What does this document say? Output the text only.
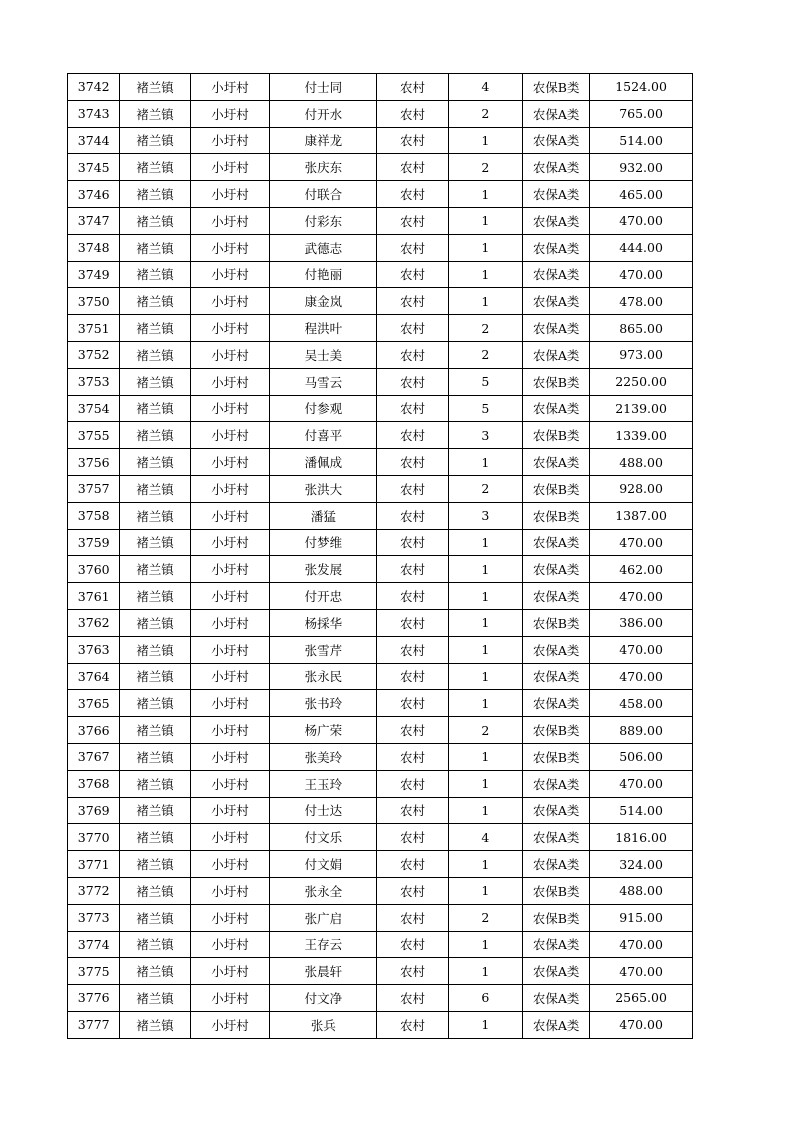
3742	褚兰镇	小圩村	付士同	农村	4	农保B类	1524.00
3743	褚兰镇	小圩村	付开水	农村	2	农保A类	765.00
3744	褚兰镇	小圩村	康祥龙	农村	1	农保A类	514.00
3745	褚兰镇	小圩村	张庆东	农村	2	农保A类	932.00
3746	褚兰镇	小圩村	付联合	农村	1	农保A类	465.00
3747	褚兰镇	小圩村	付彩东	农村	1	农保A类	470.00
3748	褚兰镇	小圩村	武德志	农村	1	农保A类	444.00
3749	褚兰镇	小圩村	付艳丽	农村	1	农保A类	470.00
3750	褚兰镇	小圩村	康金岚	农村	1	农保A类	478.00
3751	褚兰镇	小圩村	程洪叶	农村	2	农保A类	865.00
3752	褚兰镇	小圩村	吴士美	农村	2	农保A类	973.00
3753	褚兰镇	小圩村	马雪云	农村	5	农保B类	2250.00
3754	褚兰镇	小圩村	付参观	农村	5	农保A类	2139.00
3755	褚兰镇	小圩村	付喜平	农村	3	农保B类	1339.00
3756	褚兰镇	小圩村	潘佩成	农村	1	农保A类	488.00
3757	褚兰镇	小圩村	张洪大	农村	2	农保B类	928.00
3758	褚兰镇	小圩村	潘猛	农村	3	农保B类	1387.00
3759	褚兰镇	小圩村	付梦维	农村	1	农保A类	470.00
3760	褚兰镇	小圩村	张发展	农村	1	农保A类	462.00
3761	褚兰镇	小圩村	付开忠	农村	1	农保A类	470.00
3762	褚兰镇	小圩村	杨採华	农村	1	农保B类	386.00
3763	褚兰镇	小圩村	张雪芹	农村	1	农保A类	470.00
3764	褚兰镇	小圩村	张永民	农村	1	农保A类	470.00
3765	褚兰镇	小圩村	张书玲	农村	1	农保A类	458.00
3766	褚兰镇	小圩村	杨广荣	农村	2	农保B类	889.00
3767	褚兰镇	小圩村	张美玲	农村	1	农保B类	506.00
3768	褚兰镇	小圩村	王玉玲	农村	1	农保A类	470.00
3769	褚兰镇	小圩村	付士达	农村	1	农保A类	514.00
3770	褚兰镇	小圩村	付文乐	农村	4	农保A类	1816.00
3771	褚兰镇	小圩村	付文娟	农村	1	农保A类	324.00
3772	褚兰镇	小圩村	张永全	农村	1	农保B类	488.00
3773	褚兰镇	小圩村	张广启	农村	2	农保B类	915.00
3774	褚兰镇	小圩村	王存云	农村	1	农保A类	470.00
3775	褚兰镇	小圩村	张晨轩	农村	1	农保A类	470.00
3776	褚兰镇	小圩村	付文净	农村	6	农保A类	2565.00
3777	褚兰镇	小圩村	张兵	农村	1	农保A类	470.00
